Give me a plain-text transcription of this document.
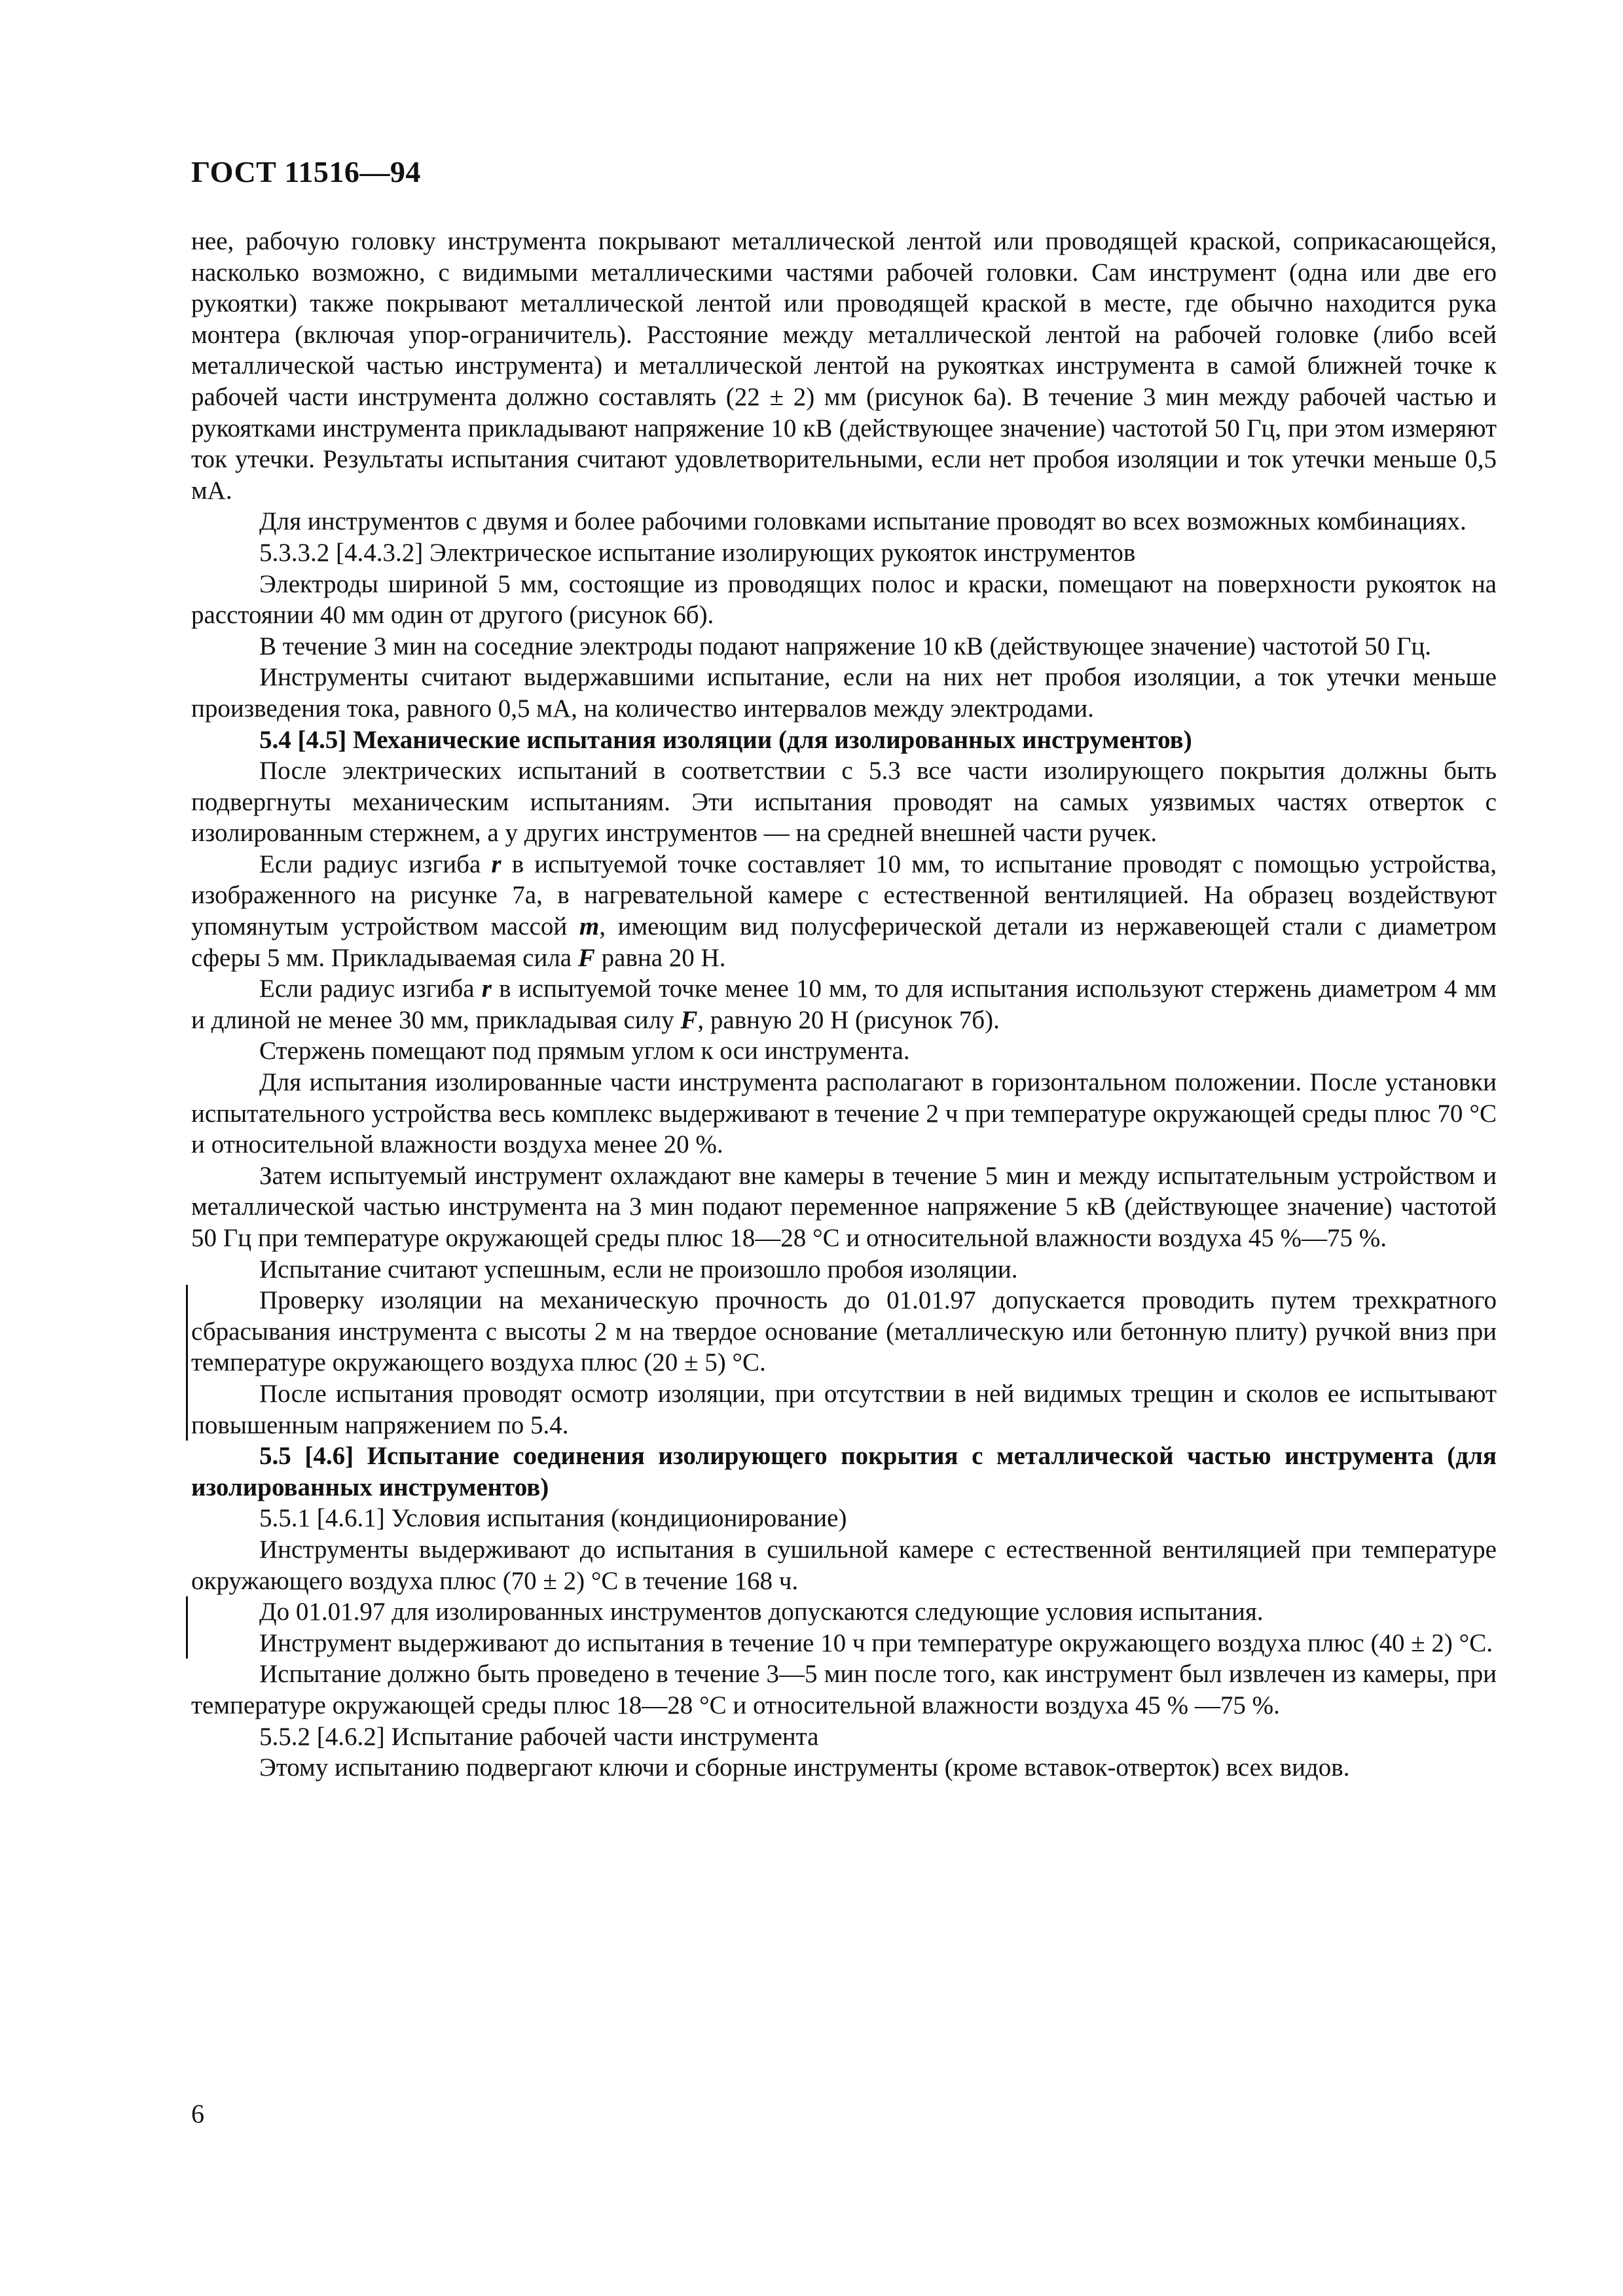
ГОСТ 11516—94

нее, рабочую головку инструмента покрывают металлической лентой или проводящей краской, соприкасающейся, насколько возможно, с видимыми металлическими частями рабочей головки. Сам инструмент (одна или две его рукоятки) также покрывают металлической лентой или проводящей краской в месте, где обычно находится рука монтера (включая упор-ограничитель). Расстояние между металлической лентой на рабочей головке (либо всей металлической частью инструмента) и металлической лентой на рукоятках инструмента в самой ближней точке к рабочей части инструмента должно составлять (22 ± 2) мм (рисунок 6а). В течение 3 мин между рабочей частью и рукоятками инструмента прикладывают напряжение 10 кВ (действующее значение) частотой 50 Гц, при этом измеряют ток утечки. Результаты испытания считают удовлетворительными, если нет пробоя изоляции и ток утечки меньше 0,5 мА.

Для инструментов с двумя и более рабочими головками испытание проводят во всех возможных комбинациях.

5.3.3.2 [4.4.3.2] Электрическое испытание изолирующих рукояток инструментов

Электроды шириной 5 мм, состоящие из проводящих полос и краски, помещают на поверхности рукояток на расстоянии 40 мм один от другого (рисунок 6б).

В течение 3 мин на соседние электроды подают напряжение 10 кВ (действующее значение) частотой 50 Гц.

Инструменты считают выдержавшими испытание, если на них нет пробоя изоляции, а ток утечки меньше произведения тока, равного 0,5 мА, на количество интервалов между электродами.

5.4 [4.5] Механические испытания изоляции (для изолированных инструментов)

После электрических испытаний в соответствии с 5.3 все части изолирующего покрытия должны быть подвергнуты механическим испытаниям. Эти испытания проводят на самых уязвимых частях отверток с изолированным стержнем, а у других инструментов — на средней внешней части ручек.

Если радиус изгиба r в испытуемой точке составляет 10 мм, то испытание проводят с помощью устройства, изображенного на рисунке 7а, в нагревательной камере с естественной вентиляцией. На образец воздействуют упомянутым устройством массой m, имеющим вид полусферической детали из нержавеющей стали с диаметром сферы 5 мм. Прикладываемая сила F равна 20 Н.

Если радиус изгиба r в испытуемой точке менее 10 мм, то для испытания используют стержень диаметром 4 мм и длиной не менее 30 мм, прикладывая силу F, равную 20 Н (рисунок 7б).

Стержень помещают под прямым углом к оси инструмента.

Для испытания изолированные части инструмента располагают в горизонтальном положении. После установки испытательного устройства весь комплекс выдерживают в течение 2 ч при температуре окружающей среды плюс 70 °С и относительной влажности воздуха менее 20 %.

Затем испытуемый инструмент охлаждают вне камеры в течение 5 мин и между испытательным устройством и металлической частью инструмента на 3 мин подают переменное напряжение 5 кВ (действующее значение) частотой 50 Гц при температуре окружающей среды плюс 18—28 °С и относительной влажности воздуха 45 %—75 %.

Испытание считают успешным, если не произошло пробоя изоляции.

Проверку изоляции на механическую прочность до 01.01.97 допускается проводить путем трехкратного сбрасывания инструмента с высоты 2 м на твердое основание (металлическую или бетонную плиту) ручкой вниз при температуре окружающего воздуха плюс (20 ± 5) °С.

После испытания проводят осмотр изоляции, при отсутствии в ней видимых трещин и сколов ее испытывают повышенным напряжением по 5.4.

5.5 [4.6] Испытание соединения изолирующего покрытия с металлической частью инструмента (для изолированных инструментов)

5.5.1 [4.6.1] Условия испытания (кондиционирование)

Инструменты выдерживают до испытания в сушильной камере с естественной вентиляцией при температуре окружающего воздуха плюс (70 ± 2) °С в течение 168 ч.

До 01.01.97 для изолированных инструментов допускаются следующие условия испытания.

Инструмент выдерживают до испытания в течение 10 ч при температуре окружающего воздуха плюс (40 ± 2) °С.

Испытание должно быть проведено в течение 3—5 мин после того, как инструмент был извлечен из камеры, при температуре окружающей среды плюс 18—28 °С и относительной влажности воздуха 45 % —75 %.

5.5.2 [4.6.2] Испытание рабочей части инструмента

Этому испытанию подвергают ключи и сборные инструменты (кроме вставок-отверток) всех видов.

6
